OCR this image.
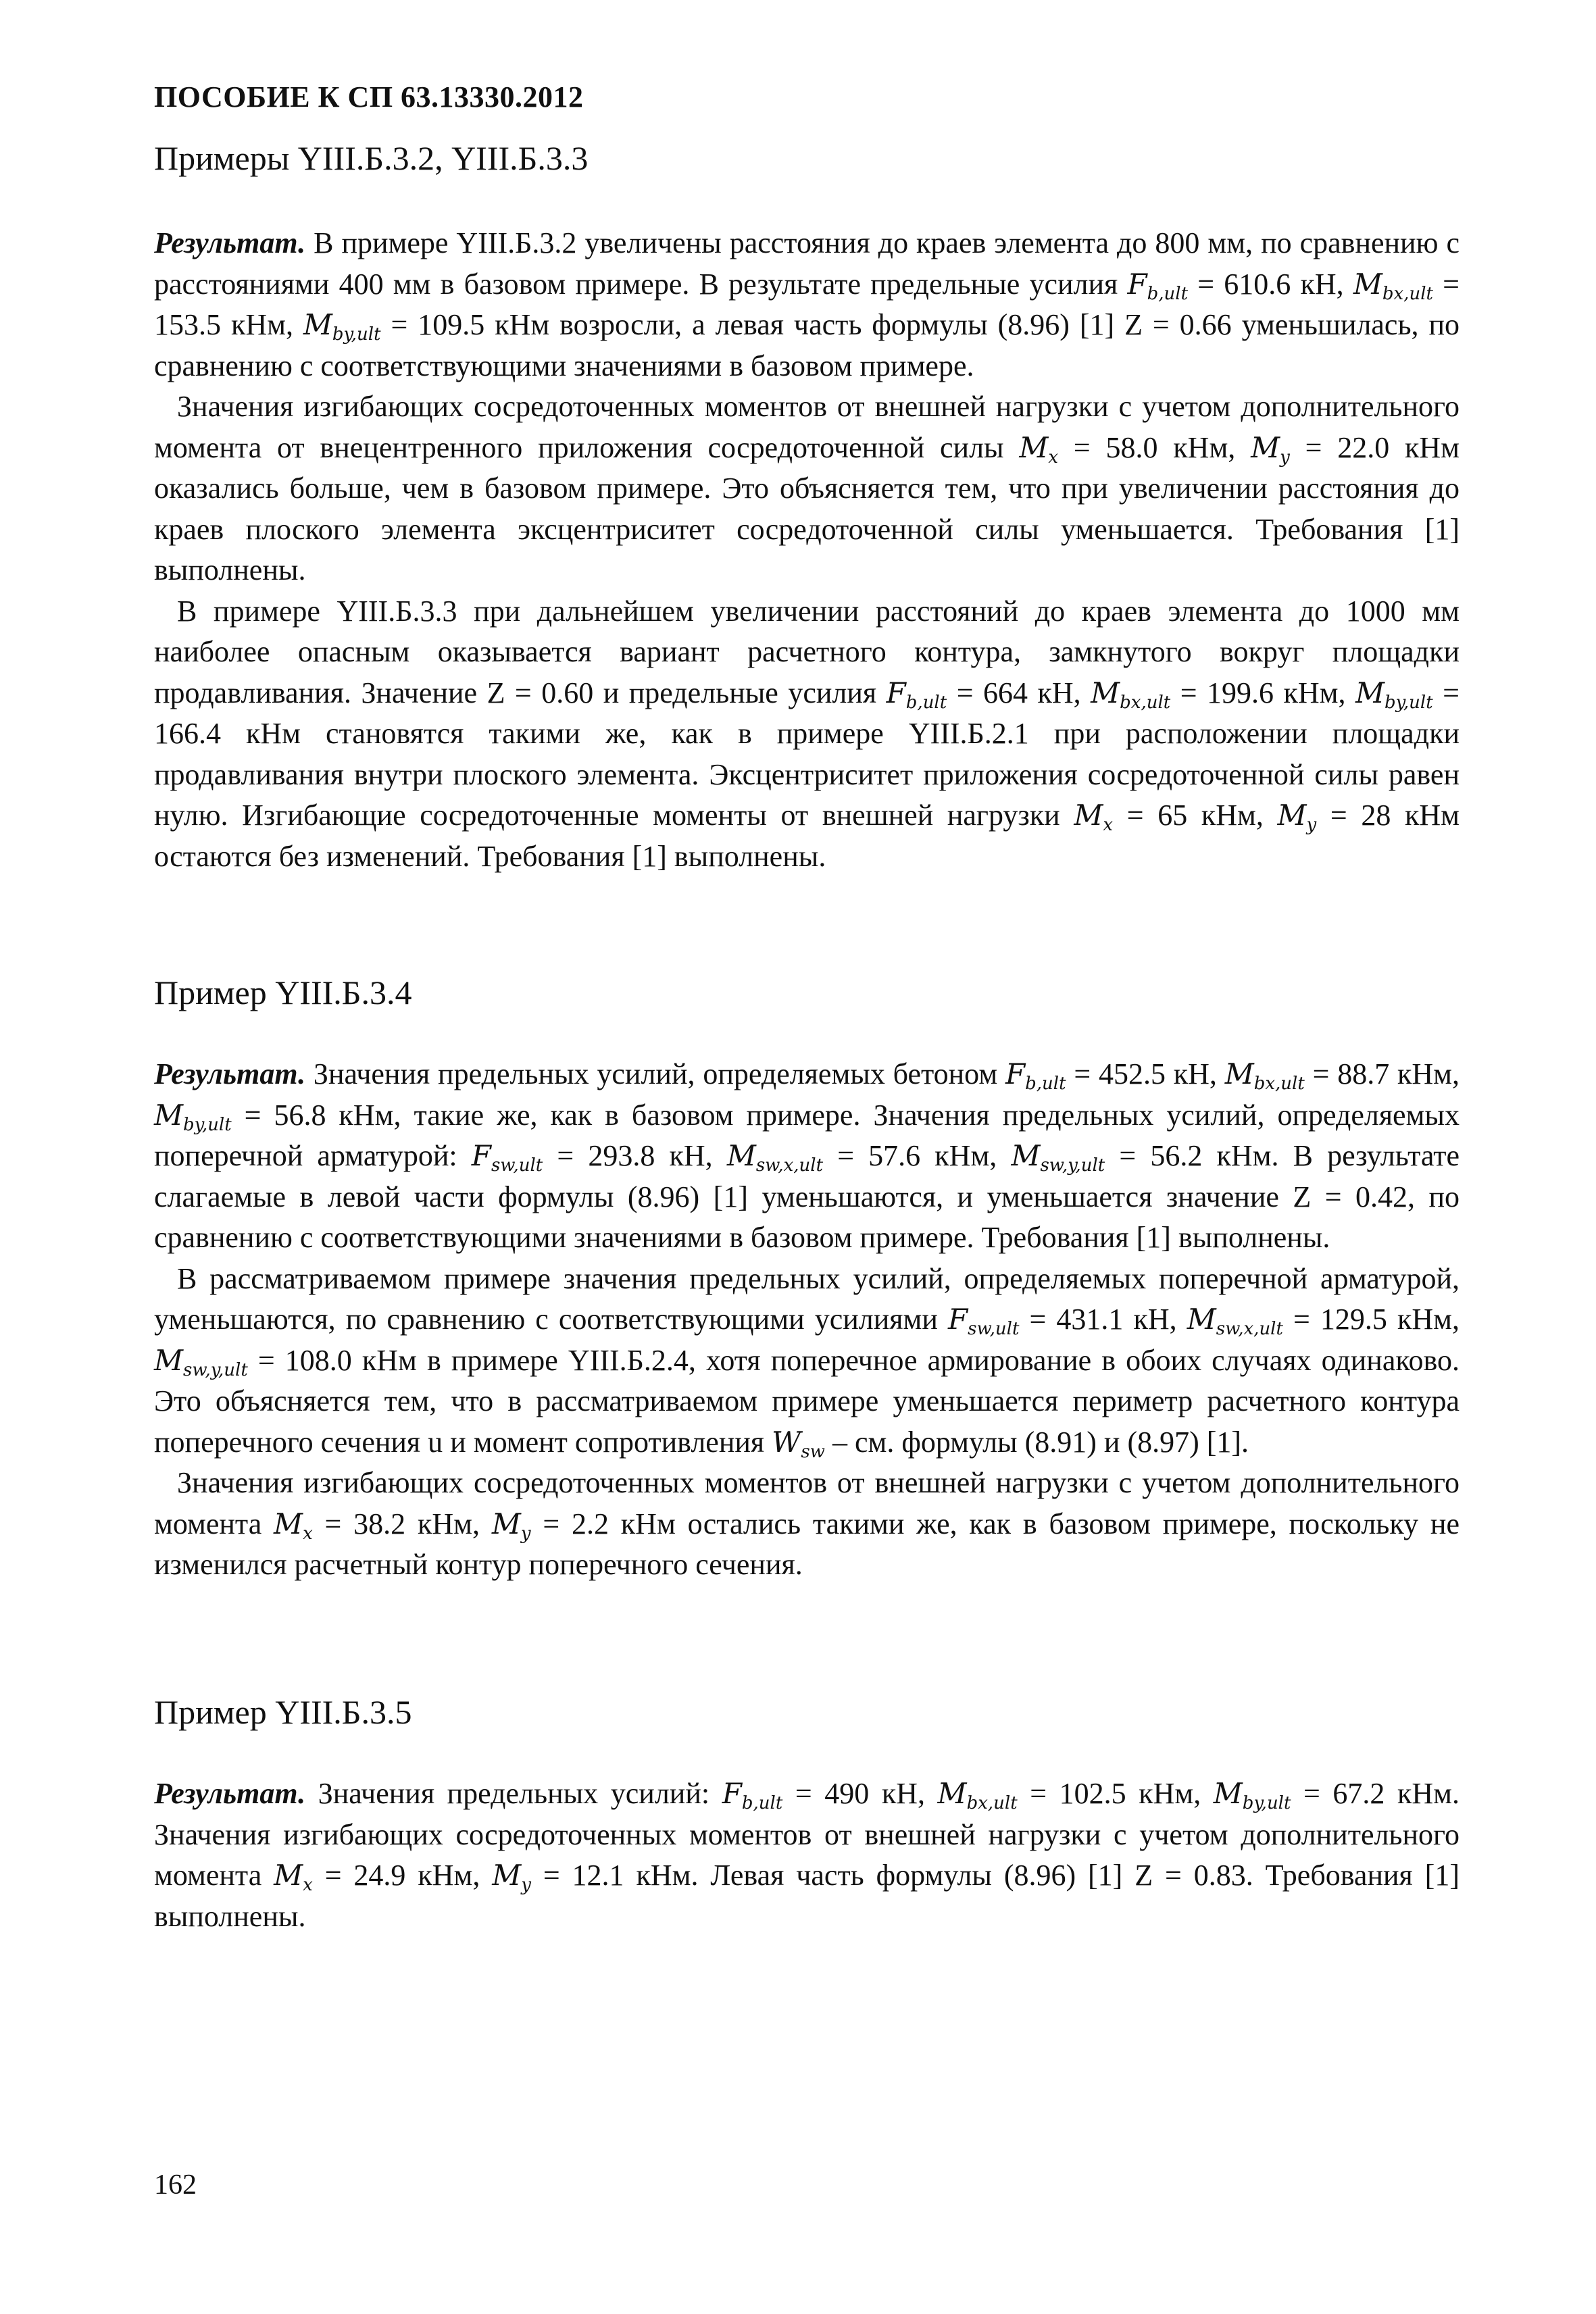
ПОСОБИЕ К СП 63.13330.2012
Примеры YIII.Б.3.2, YIII.Б.3.3

Результат. В примере YIII.Б.3.2 увеличены расстояния до краев элемента до 800 мм, по сравнению с расстояниями 400 мм в базовом примере. В результате предельные усилия $F_{b,ult} = 610.6$ кН, $M_{bx,ult} = 153.5$ кНм, $M_{by,ult} = 109.5$ кНм возросли, а левая часть формулы (8.96) [1] Z = 0.66 уменьшилась, по сравнению с соответствующими значениями в базовом примере.

Значения изгибающих сосредоточенных моментов от внешней нагрузки с учетом дополнительного момента от внецентренного приложения сосредоточенной силы $M_x = 58.0$ кНм, $M_y = 22.0$ кНм оказались больше, чем в базовом примере. Это объясняется тем, что при увеличении расстояния до краев плоского элемента эксцентриситет сосредоточенной силы уменьшается. Требования [1] выполнены.

В примере YIII.Б.3.3 при дальнейшем увеличении расстояний до краев элемента до 1000 мм наиболее опасным оказывается вариант расчетного контура, замкнутого вокруг площадки продавливания. Значение Z = 0.60 и предельные усилия $F_{b,ult} = 664$ кН, $M_{bx,ult} = 199.6$ кНм, $M_{by,ult} = 166.4$ кНм становятся такими же, как в примере YIII.Б.2.1 при расположении площадки продавливания внутри плоского элемента. Эксцентриситет приложения сосредоточенной силы равен нулю. Изгибающие сосредоточенные моменты от внешней нагрузки $M_x = 65$ кНм, $M_y = 28$ кНм остаются без изменений. Требования [1] выполнены.

Пример YIII.Б.3.4

Результат. Значения предельных усилий, определяемых бетоном $F_{b,ult} = 452.5$ кН, $M_{bx,ult} = 88.7$ кНм, $M_{by,ult} = 56.8$ кНм, такие же, как в базовом примере. Значения предельных усилий, определяемых поперечной арматурой: $F_{sw,ult} = 293.8$ кН, $M_{sw,x,ult} = 57.6$ кНм, $M_{sw,y,ult} = 56.2$ кНм. В результате слагаемые в левой части формулы (8.96) [1] уменьшаются, и уменьшается значение Z = 0.42, по сравнению с соответствующими значениями в базовом примере. Требования [1] выполнены.

В рассматриваемом примере значения предельных усилий, определяемых поперечной арматурой, уменьшаются, по сравнению с соответствующими усилиями $F_{sw,ult} = 431.1$ кН, $M_{sw,x,ult} = 129.5$ кНм, $M_{sw,y,ult} = 108.0$ кНм в примере YIII.Б.2.4, хотя поперечное армирование в обоих случаях одинаково. Это объясняется тем, что в рассматриваемом примере уменьшается периметр расчетного контура поперечного сечения u и момент сопротивления $W_{sw}$ – см. формулы (8.91) и (8.97) [1].

Значения изгибающих сосредоточенных моментов от внешней нагрузки с учетом дополнительного момента $M_x = 38.2$ кНм, $M_y = 2.2$ кНм остались такими же, как в базовом примере, поскольку не изменился расчетный контур поперечного сечения.

Пример YIII.Б.3.5

Результат. Значения предельных усилий: $F_{b,ult} = 490$ кН, $M_{bx,ult} = 102.5$ кНм, $M_{by,ult} = 67.2$ кНм. Значения изгибающих сосредоточенных моментов от внешней нагрузки с учетом дополнительного момента $M_x = 24.9$ кНм, $M_y = 12.1$ кНм. Левая часть формулы (8.96) [1] Z = 0.83. Требования [1] выполнены.

162
